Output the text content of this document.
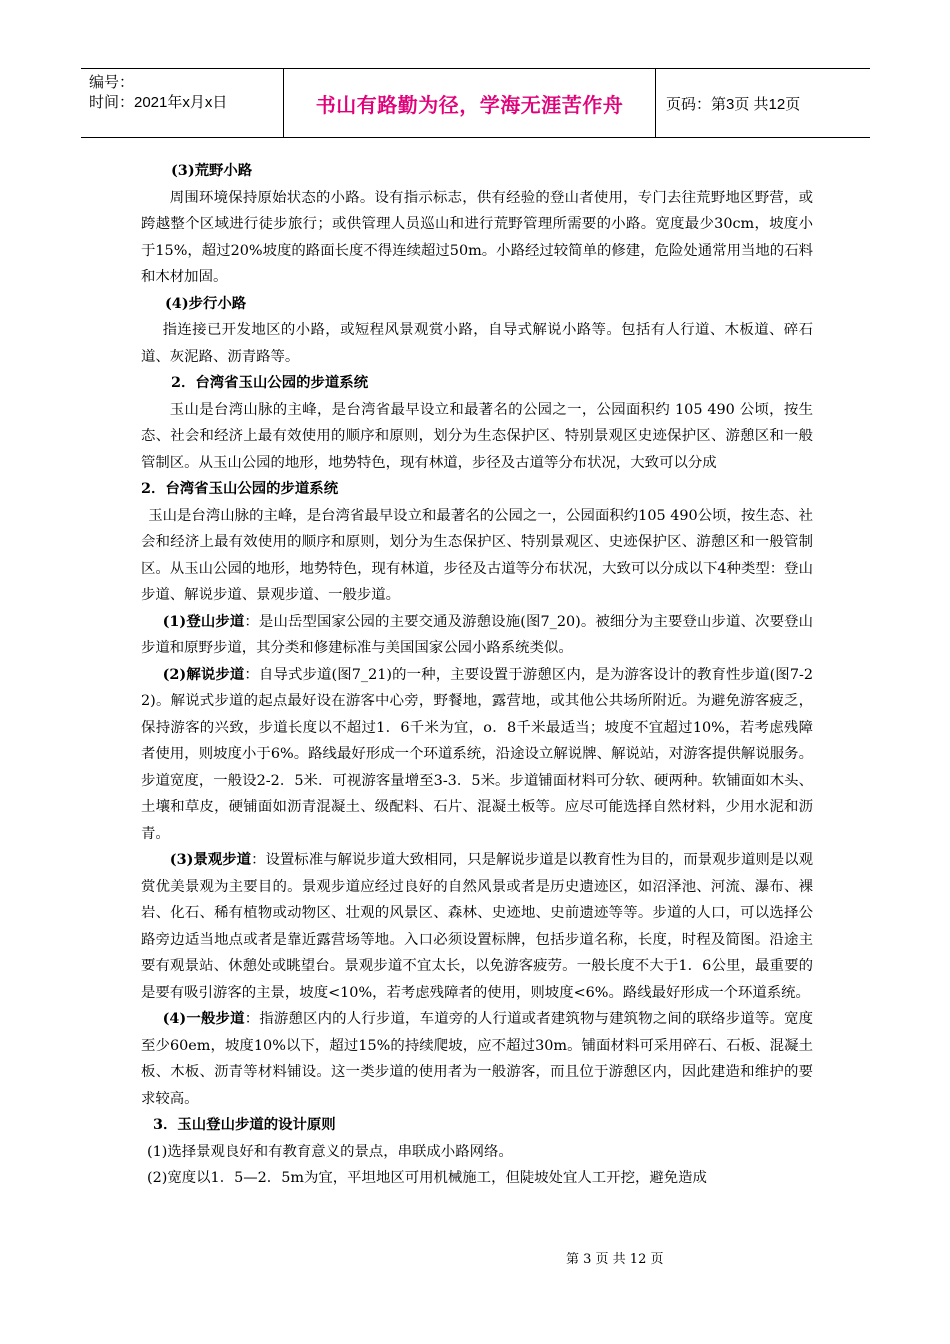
编号：
时间：2021年x月x日	书山有路勤为径，学海无涯苦作舟	页码：第3页 共12页

(3)荒野小路

周围环境保持原始状态的小路。设有指示标志，供有经验的登山者使用，专门去往荒野地区野营，或跨越整个区域进行徒步旅行；或供管理人员巡山和进行荒野管理所需要的小路。宽度最少30cm，坡度小于15%，超过20%坡度的路面长度不得连续超过50m。小路经过较简单的修建，危险处通常用当地的石料和木材加固。

(4)步行小路

指连接已开发地区的小路，或短程风景观赏小路，自导式解说小路等。包括有人行道、木板道、碎石道、灰泥路、沥青路等。

2．台湾省玉山公园的步道系统

玉山是台湾山脉的主峰，是台湾省最早设立和最著名的公园之一，公园面积约 105 490 公顷，按生态、社会和经济上最有效使用的顺序和原则，划分为生态保护区、特别景观区史迹保护区、游憩区和一般管制区。从玉山公园的地形，地势特色，现有林道，步径及古道等分布状况，大致可以分成

2．台湾省玉山公园的步道系统

玉山是台湾山脉的主峰，是台湾省最早设立和最著名的公园之一，公园面积约105 490公顷，按生态、社会和经济上最有效使用的顺序和原则，划分为生态保护区、特别景观区、史迹保护区、游憩区和一般管制区。从玉山公园的地形，地势特色，现有林道，步径及古道等分布状况，大致可以分成以下4种类型：登山步道、解说步道、景观步道、一般步道。

(1)登山步道：是山岳型国家公园的主要交通及游憩设施(图7_20)。被细分为主要登山步道、次要登山步道和原野步道，其分类和修建标准与美国国家公园小路系统类似。

(2)解说步道：自导式步道(图7_21)的一种，主要设置于游憩区内，是为游客设计的教育性步道(图7-22)。解说式步道的起点最好设在游客中心旁，野餐地，露营地，或其他公共场所附近。为避免游客疲乏，保持游客的兴致，步道长度以不超过1．6千米为宜，o．8千米最适当；坡度不宜超过10%，若考虑残障者使用，则坡度小于6%。路线最好形成一个环道系统，沿途设立解说牌、解说站，对游客提供解说服务。步道宽度，一般设2-2．5米．可视游客量增至3-3．5米。步道铺面材料可分软、硬两种。软铺面如木头、土壤和草皮，硬铺面如沥青混凝土、级配料、石片、混凝土板等。应尽可能选择自然材料，少用水泥和沥青。

(3)景观步道：设置标准与解说步道大致相同，只是解说步道是以教育性为目的，而景观步道则是以观赏优美景观为主要目的。景观步道应经过良好的自然风景或者是历史遗迹区，如沼泽池、河流、瀑布、裸岩、化石、稀有植物或动物区、壮观的风景区、森林、史迹地、史前遗迹等等。步道的人口，可以选择公路旁边适当地点或者是靠近露营场等地。入口必须设置标牌，包括步道名称，长度，时程及简图。沿途主要有观景站、休憩处或眺望台。景观步道不宜太长，以免游客疲劳。一般长度不大于1．6公里，最重要的是要有吸引游客的主景，坡度<10%，若考虑残障者的使用，则坡度<6%。路线最好形成一个环道系统。

(4)一般步道：指游憩区内的人行步道，车道旁的人行道或者建筑物与建筑物之间的联络步道等。宽度至少60em，坡度10%以下，超过15%的持续爬坡，应不超过30m。铺面材料可采用碎石、石板、混凝土板、木板、沥青等材料铺设。这一类步道的使用者为一般游客，而且位于游憩区内，因此建造和维护的要求较高。

3．玉山登山步道的设计原则

(1)选择景观良好和有教育意义的景点，串联成小路网络。

(2)宽度以1．5—2．5m为宜，平坦地区可用机械施工，但陡坡处宜人工开挖，避免造成

第 3 页 共 12 页
